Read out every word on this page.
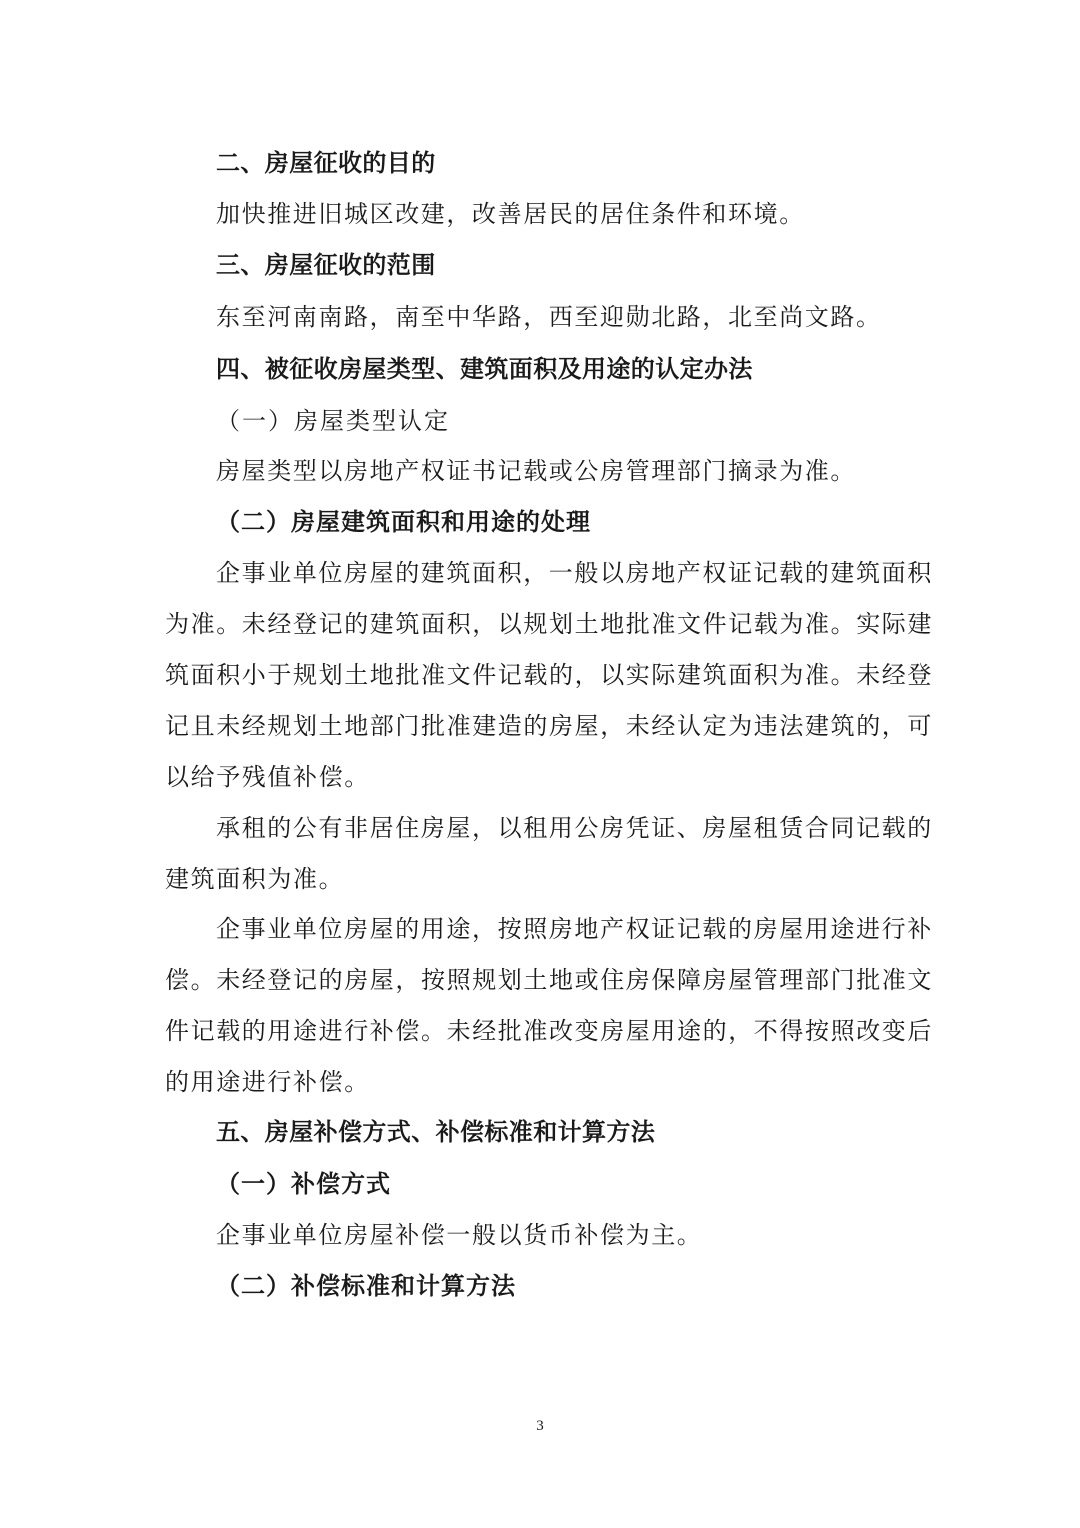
二、房屋征收的目的
加快推进旧城区改建，改善居民的居住条件和环境。
三、房屋征收的范围
东至河南南路，南至中华路，西至迎勋北路，北至尚文路。
四、被征收房屋类型、建筑面积及用途的认定办法
（一）房屋类型认定
房屋类型以房地产权证书记载或公房管理部门摘录为准。
（二）房屋建筑面积和用途的处理
企事业单位房屋的建筑面积，一般以房地产权证记载的建筑面积
为准。未经登记的建筑面积，以规划土地批准文件记载为准。实际建
筑面积小于规划土地批准文件记载的，以实际建筑面积为准。未经登
记且未经规划土地部门批准建造的房屋，未经认定为违法建筑的，可
以给予残值补偿。
承租的公有非居住房屋，以租用公房凭证、房屋租赁合同记载的
建筑面积为准。
企事业单位房屋的用途，按照房地产权证记载的房屋用途进行补
偿。未经登记的房屋，按照规划土地或住房保障房屋管理部门批准文
件记载的用途进行补偿。未经批准改变房屋用途的，不得按照改变后
的用途进行补偿。
五、房屋补偿方式、补偿标准和计算方法
（一）补偿方式
企事业单位房屋补偿一般以货币补偿为主。
（二）补偿标准和计算方法
3
